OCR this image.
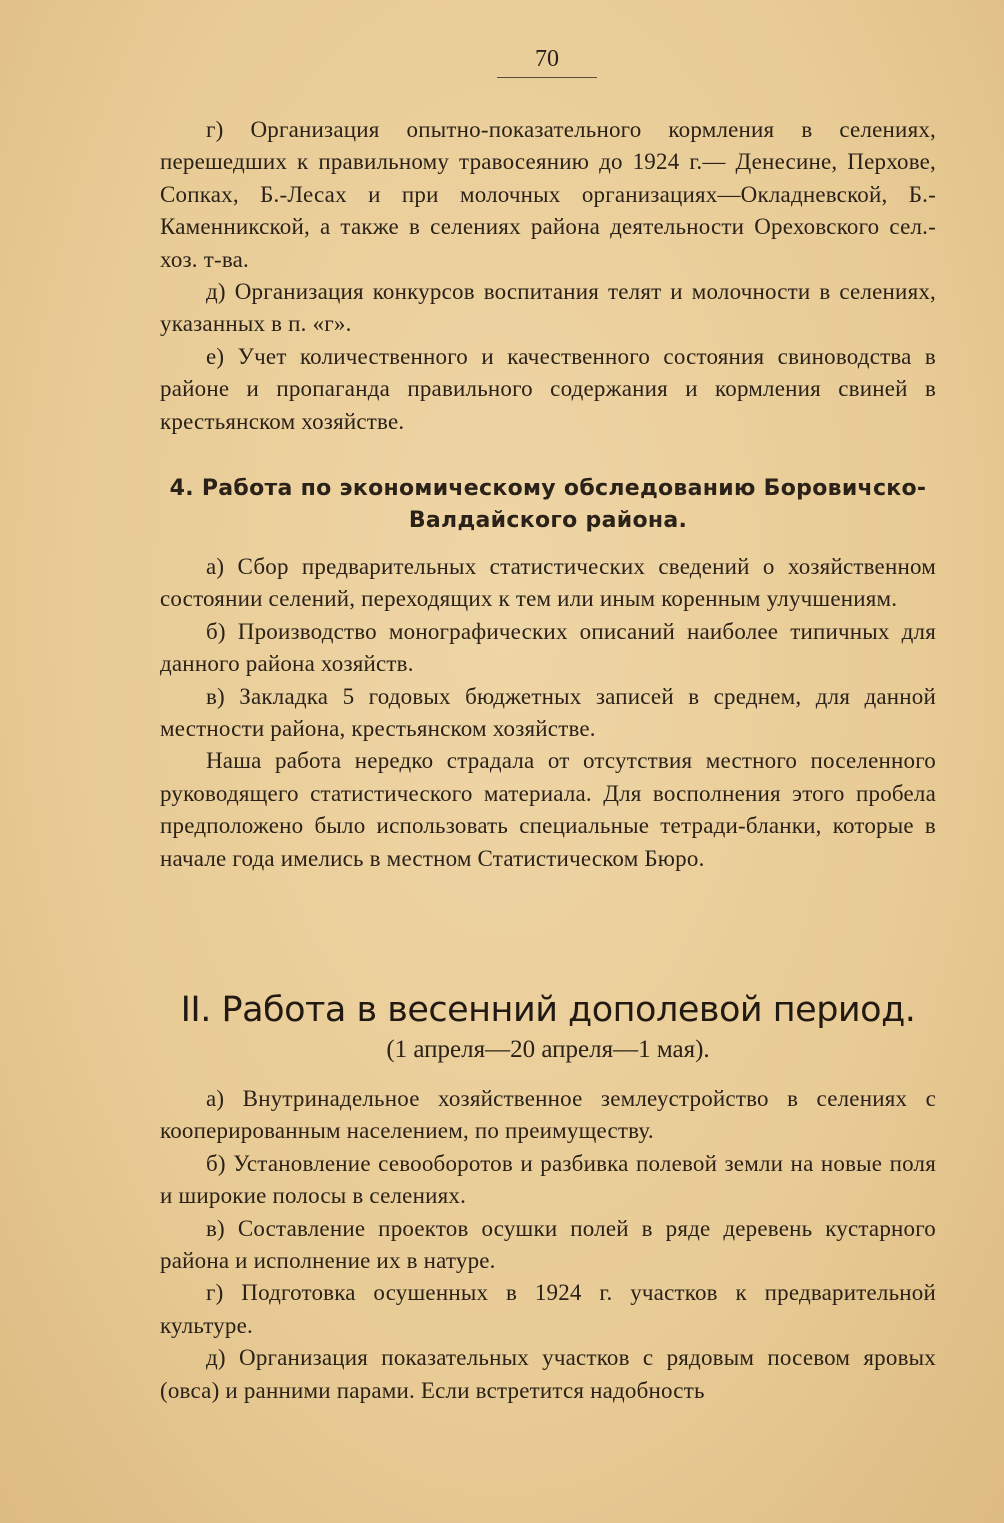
70

г) Организация опытно-показательного кормления в селениях, перешедших к правильному травосеянию до 1924 г.— Денесине, Перхове, Сопках, Б.-Лесах и при молочных организациях—Окладневской, Б.-Каменникской, а также в селениях района деятельности Ореховского сел.-хоз. т-ва.

д) Организация конкурсов воспитания телят и молочности в селениях, указанных в п. «г».

е) Учет количественного и качественного состояния свиноводства в районе и пропаганда правильного содержания и кормления свиней в крестьянском хозяйстве.

4. Работа по экономическому обследованию Боровичско-Валдайского района.

а) Сбор предварительных статистических сведений о хозяйственном состоянии селений, переходящих к тем или иным коренным улучшениям.

б) Производство монографических описаний наиболее типичных для данного района хозяйств.

в) Закладка 5 годовых бюджетных записей в среднем, для данной местности района, крестьянском хозяйстве.

Наша работа нередко страдала от отсутствия местного поселенного руководящего статистического материала. Для восполнения этого пробела предположено было использовать специальные тетради-бланки, которые в начале года имелись в местном Статистическом Бюро.

II. Работа в весенний дополевой период.
(1 апреля—20 апреля—1 мая).

а) Внутринадельное хозяйственное землеустройство в селениях с кооперированным населением, по преимуществу.

б) Установление севооборотов и разбивка полевой земли на новые поля и широкие полосы в селениях.

в) Составление проектов осушки полей в ряде деревень кустарного района и исполнение их в натуре.

г) Подготовка осушенных в 1924 г. участков к предварительной культуре.

д) Организация показательных участков с рядовым посевом яровых (овса) и ранними парами. Если встретится надобность
